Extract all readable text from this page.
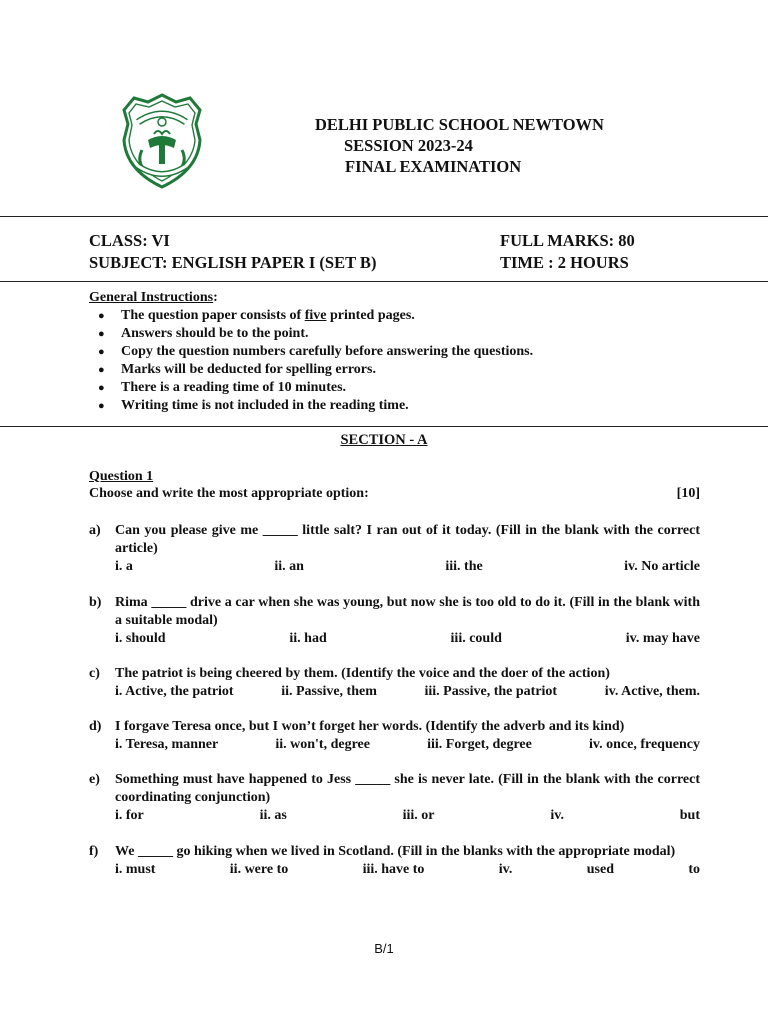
DELHI PUBLIC SCHOOL NEWTOWN
SESSION 2023-24
FINAL EXAMINATION
CLASS: VI
SUBJECT: ENGLISH PAPER I (SET B)
FULL MARKS: 80
TIME : 2 HOURS
General Instructions:
● The question paper consists of five printed pages.
● Answers should be to the point.
● Copy the question numbers carefully before answering the questions.
● Marks will be deducted for spelling errors.
● There is a reading time of 10 minutes.
● Writing time is not included in the reading time.
SECTION - A
Question 1
Choose and write the most appropriate option:	[10]
a)	Can you please give me _____ little salt? I ran out of it today. (Fill in the blank with the correct article)
i. a	ii. an	iii. the	iv. No article
b) Rima _____ drive a car when she was young, but now she is too old to do it. (Fill in the blank with a suitable modal)
i. should	ii. had	iii. could	iv. may have
c)	The patriot is being cheered by them. (Identify the voice and the doer of the action)
i. Active, the patriot	ii. Passive, them	iii. Passive, the patriot	iv. Active, them.
d) I forgave Teresa once, but I won’t forget her words. (Identify the adverb and its kind)
i. Teresa, manner	ii. won't, degree	iii. Forget, degree	iv. once, frequency
e)	Something must have happened to Jess _____ she is never late. (Fill in the blank with the correct coordinating conjunction)
i. for	ii. as	iii. or	iv.	but
f)	We _____ go hiking when we lived in Scotland. (Fill in the blanks with the appropriate modal)
i. must	ii. were to	iii. have to	iv.	used	to
B/1
